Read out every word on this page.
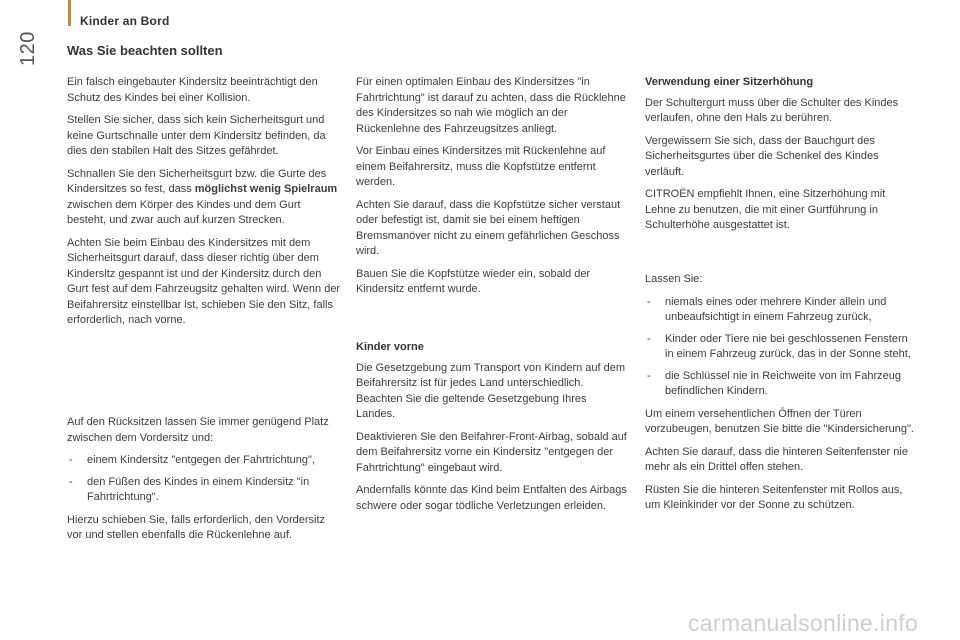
Kinder an Bord
120 Was Sie beachten sollten

Ein falsch eingebauter Kindersitz beeinträchtigt den Schutz des Kindes bei einer Kollision.

Stellen Sie sicher, dass sich kein Sicherheitsgurt und keine Gurtschnalle unter dem Kindersitz befinden, da dies den stabilen Halt des Sitzes gefährdet.

Schnallen Sie den Sicherheitsgurt bzw. die Gurte des Kindersitzes so fest, dass möglichst wenig Spielraum zwischen dem Körper des Kindes und dem Gurt besteht, und zwar auch auf kurzen Strecken.

Achten Sie beim Einbau des Kindersitzes mit dem Sicherheitsgurt darauf, dass dieser richtig über dem Kindersitz gespannt ist und der Kindersitz durch den Gurt fest auf dem Fahrzeugsitz gehalten wird. Wenn der Beifahrersitz einstellbar ist, schieben Sie den Sitz, falls erforderlich, nach vorne.

Auf den Rücksitzen lassen Sie immer genügend Platz zwischen dem Vordersitz und:

- einem Kindersitz "entgegen der Fahrtrichtung",
- den Füßen des Kindes in einem Kindersitz "in Fahrtrichtung".

Hierzu schieben Sie, falls erforderlich, den Vordersitz vor und stellen ebenfalls die Rückenlehne auf.

Für einen optimalen Einbau des Kindersitzes "in Fahrtrichtung" ist darauf zu achten, dass die Rücklehne des Kindersitzes so nah wie möglich an der Rückenlehne des Fahrzeugsitzes anliegt.

Vor Einbau eines Kindersitzes mit Rückenlehne auf einem Beifahrersitz, muss die Kopfstütze entfernt werden.

Achten Sie darauf, dass die Kopfstütze sicher verstaut oder befestigt ist, damit sie bei einem heftigen Bremsmanöver nicht zu einem gefährlichen Geschoss wird.

Bauen Sie die Kopfstütze wieder ein, sobald der Kindersitz entfernt wurde.

Kinder vorne

Die Gesetzgebung zum Transport von Kindern auf dem Beifahrersitz ist für jedes Land unterschiedlich. Beachten Sie die geltende Gesetzgebung Ihres Landes.

Deaktivieren Sie den Beifahrer-Front-Airbag, sobald auf dem Beifahrersitz vorne ein Kindersitz "entgegen der Fahrtrichtung" eingebaut wird.

Andernfalls könnte das Kind beim Entfalten des Airbags schwere oder sogar tödliche Verletzungen erleiden.

Verwendung einer Sitzerhöhung

Der Schultergurt muss über die Schulter des Kindes verlaufen, ohne den Hals zu berühren.

Vergewissern Sie sich, dass der Bauchgurt des Sicherheitsgurtes über die Schenkel des Kindes verläuft.

CITROËN empfiehlt Ihnen, eine Sitzerhöhung mit Lehne zu benutzen, die mit einer Gurtführung in Schulterhöhe ausgestattet ist.

Lassen Sie:

- niemals eines oder mehrere Kinder allein und unbeaufsichtigt in einem Fahrzeug zurück,
- Kinder oder Tiere nie bei geschlossenen Fenstern in einem Fahrzeug zurück, das in der Sonne steht,
- die Schlüssel nie in Reichweite von im Fahrzeug befindlichen Kindern.

Um einem versehentlichen Öffnen der Türen vorzubeugen, benutzen Sie bitte die "Kindersicherung".

Achten Sie darauf, dass die hinteren Seitenfenster nie mehr als ein Drittel offen stehen.

Rüsten Sie die hinteren Seitenfenster mit Rollos aus, um Kleinkinder vor der Sonne zu schützen.

carmanualsonline.info
